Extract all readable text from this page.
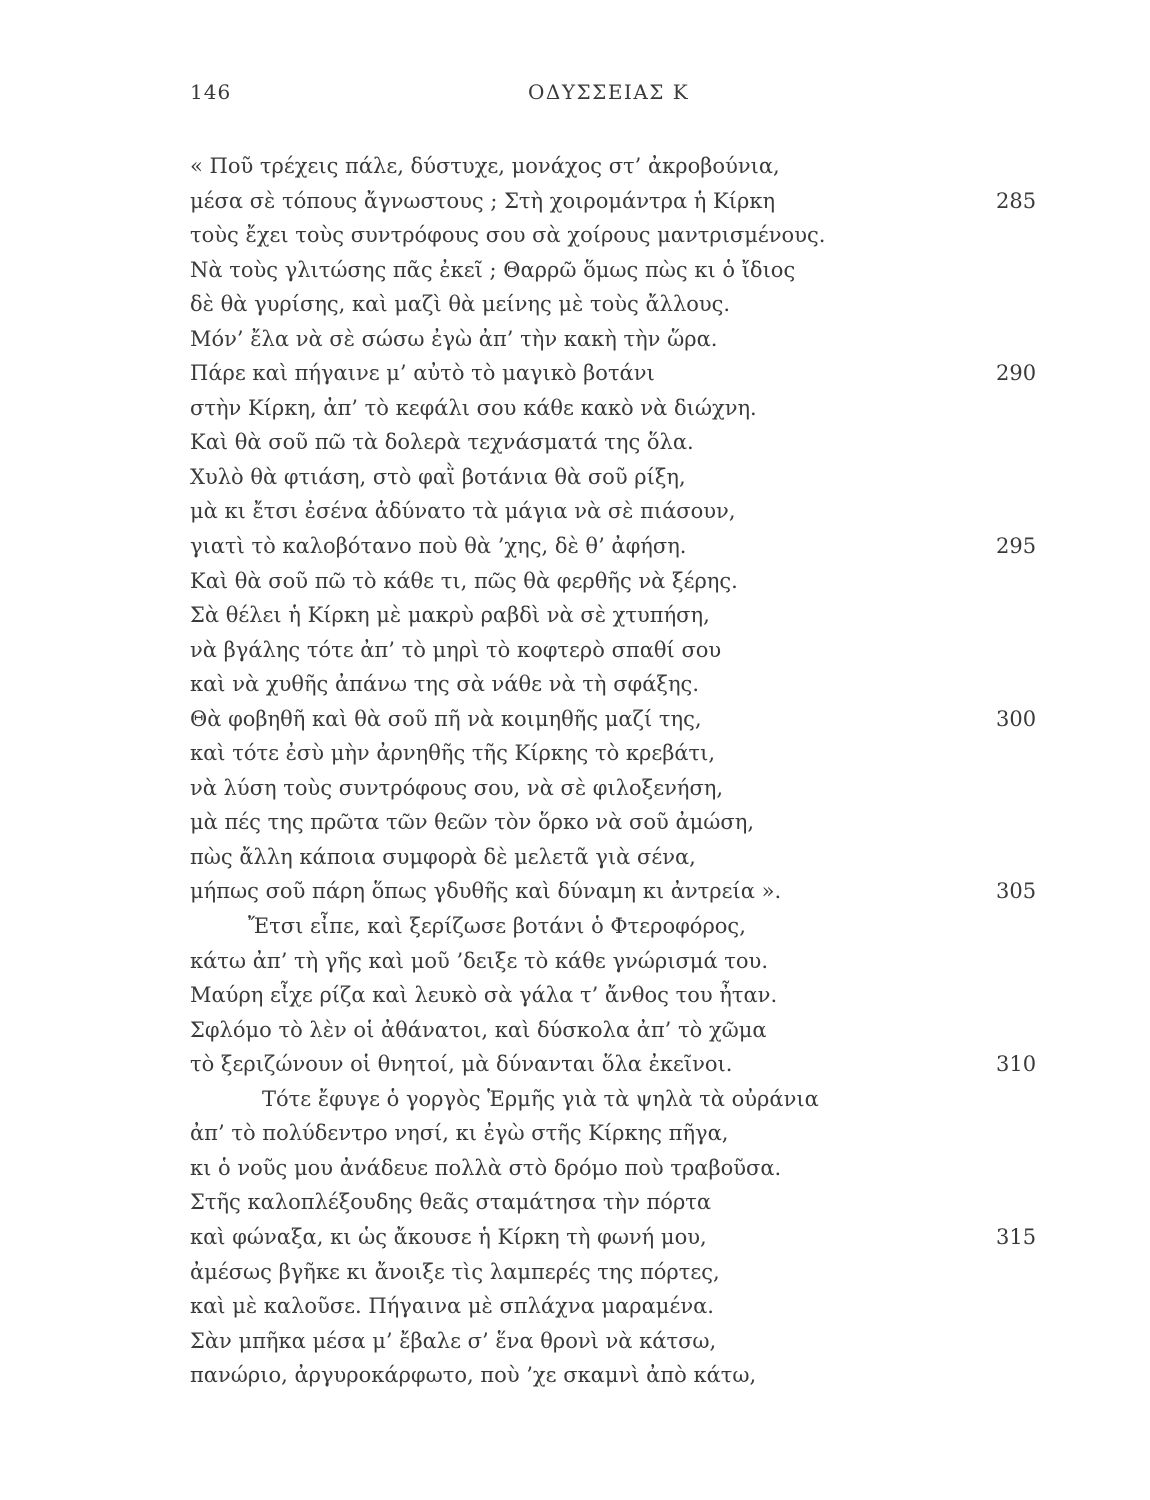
146	ΟΔΥΣΣΕΙΑΣ Κ
« Ποῦ τρέχεις πάλε, δύστυχε, μονάχος στ’ ἀκροβούνια,
μέσα σὲ τόπους ἄγνωστους ; Στὴ χοιρομάντρα ἡ Κίρκη	285
τοὺς ἔχει τοὺς συντρόφους σου σὰ χοίρους μαντρισμένους.
Νὰ τοὺς γλιτώσης πᾶς ἐκεῖ ; Θαρρῶ ὅμως πὼς κι ὁ ἴδιος
δὲ θὰ γυρίσης, καὶ μαζὶ θὰ μείνης μὲ τοὺς ἄλλους.
Μόν’ ἔλα νὰ σὲ σώσω ἐγὼ ἀπ’ τὴν κακὴ τὴν ὥρα.
Πάρε καὶ πήγαινε μ’ αὐτὸ τὸ μαγικὸ βοτάνι	290
στὴν Κίρκη, ἀπ’ τὸ κεφάλι σου κάθε κακὸ νὰ διώχνη.
Καὶ θὰ σοῦ πῶ τὰ δολερὰ τεχνάσματά της ὅλα.
Χυλὸ θὰ φτιάση, στὸ φαῒ βοτάνια θὰ σοῦ ρίξη,
μὰ κι ἔτσι ἐσένα ἀδύνατο τὰ μάγια νὰ σὲ πιάσουν,
γιατὶ τὸ καλοβότανο ποὺ θὰ ’χης, δὲ θ’ ἀφήση.	295
Καὶ θὰ σοῦ πῶ τὸ κάθε τι, πῶς θὰ φερθῆς νὰ ξέρης.
Σὰ θέλει ἡ Κίρκη μὲ μακρὺ ραβδὶ νὰ σὲ χτυπήση,
νὰ βγάλης τότε ἀπ’ τὸ μηρὶ τὸ κοφτερὸ σπαθί σου
καὶ νὰ χυθῆς ἀπάνω της σὰ νάθε νὰ τὴ σφάξης.
Θὰ φοβηθῆ καὶ θὰ σοῦ πῆ νὰ κοιμηθῆς μαζί της,	300
καὶ τότε ἐσὺ μὴν ἀρνηθῆς τῆς Κίρκης τὸ κρεβάτι,
νὰ λύση τοὺς συντρόφους σου, νὰ σὲ φιλοξενήση,
μὰ πές της πρῶτα τῶν θεῶν τὸν ὅρκο νὰ σοῦ ἀμώση,
πὼς ἄλλη κάποια συμφορὰ δὲ μελετᾶ γιὰ σένα,
μήπως σοῦ πάρη ὅπως γδυθῆς καὶ δύναμη κι ἀντρεία ».	305
Ἔτσι εἶπε, καὶ ξερίζωσε βοτάνι ὁ Φτεροφόρος,
κάτω ἀπ’ τὴ γῆς καὶ μοῦ ’δειξε τὸ κάθε γνώρισμά του.
Μαύρη εἶχε ρίζα καὶ λευκὸ σὰ γάλα τ’ ἄνθος του ἦταν.
Σφλόμο τὸ λὲν οἱ ἀθάνατοι, καὶ δύσκολα ἀπ’ τὸ χῶμα
τὸ ξεριζώνουν οἱ θνητοί, μὰ δύνανται ὅλα ἐκεῖνοι.	310
Τότε ἔφυγε ὁ γοργὸς Ἑρμῆς γιὰ τὰ ψηλὰ τὰ οὐράνια
ἀπ’ τὸ πολύδεντρο νησί, κι ἐγὼ στῆς Κίρκης πῆγα,
κι ὁ νοῦς μου ἀνάδευε πολλὰ στὸ δρόμο ποὺ τραβοῦσα.
Στῆς καλοπλέξουδης θεᾶς σταμάτησα τὴν πόρτα
καὶ φώναξα, κι ὡς ἄκουσε ἡ Κίρκη τὴ φωνή μου,	315
ἀμέσως βγῆκε κι ἄνοιξε τὶς λαμπερές της πόρτες,
καὶ μὲ καλοῦσε. Πήγαινα μὲ σπλάχνα μαραμένα.
Σὰν μπῆκα μέσα μ’ ἔβαλε σ’ ἕνα θρονὶ νὰ κάτσω,
πανώριο, ἀργυροκάρφωτο, ποὺ ’χε σκαμνὶ ἀπὸ κάτω,
